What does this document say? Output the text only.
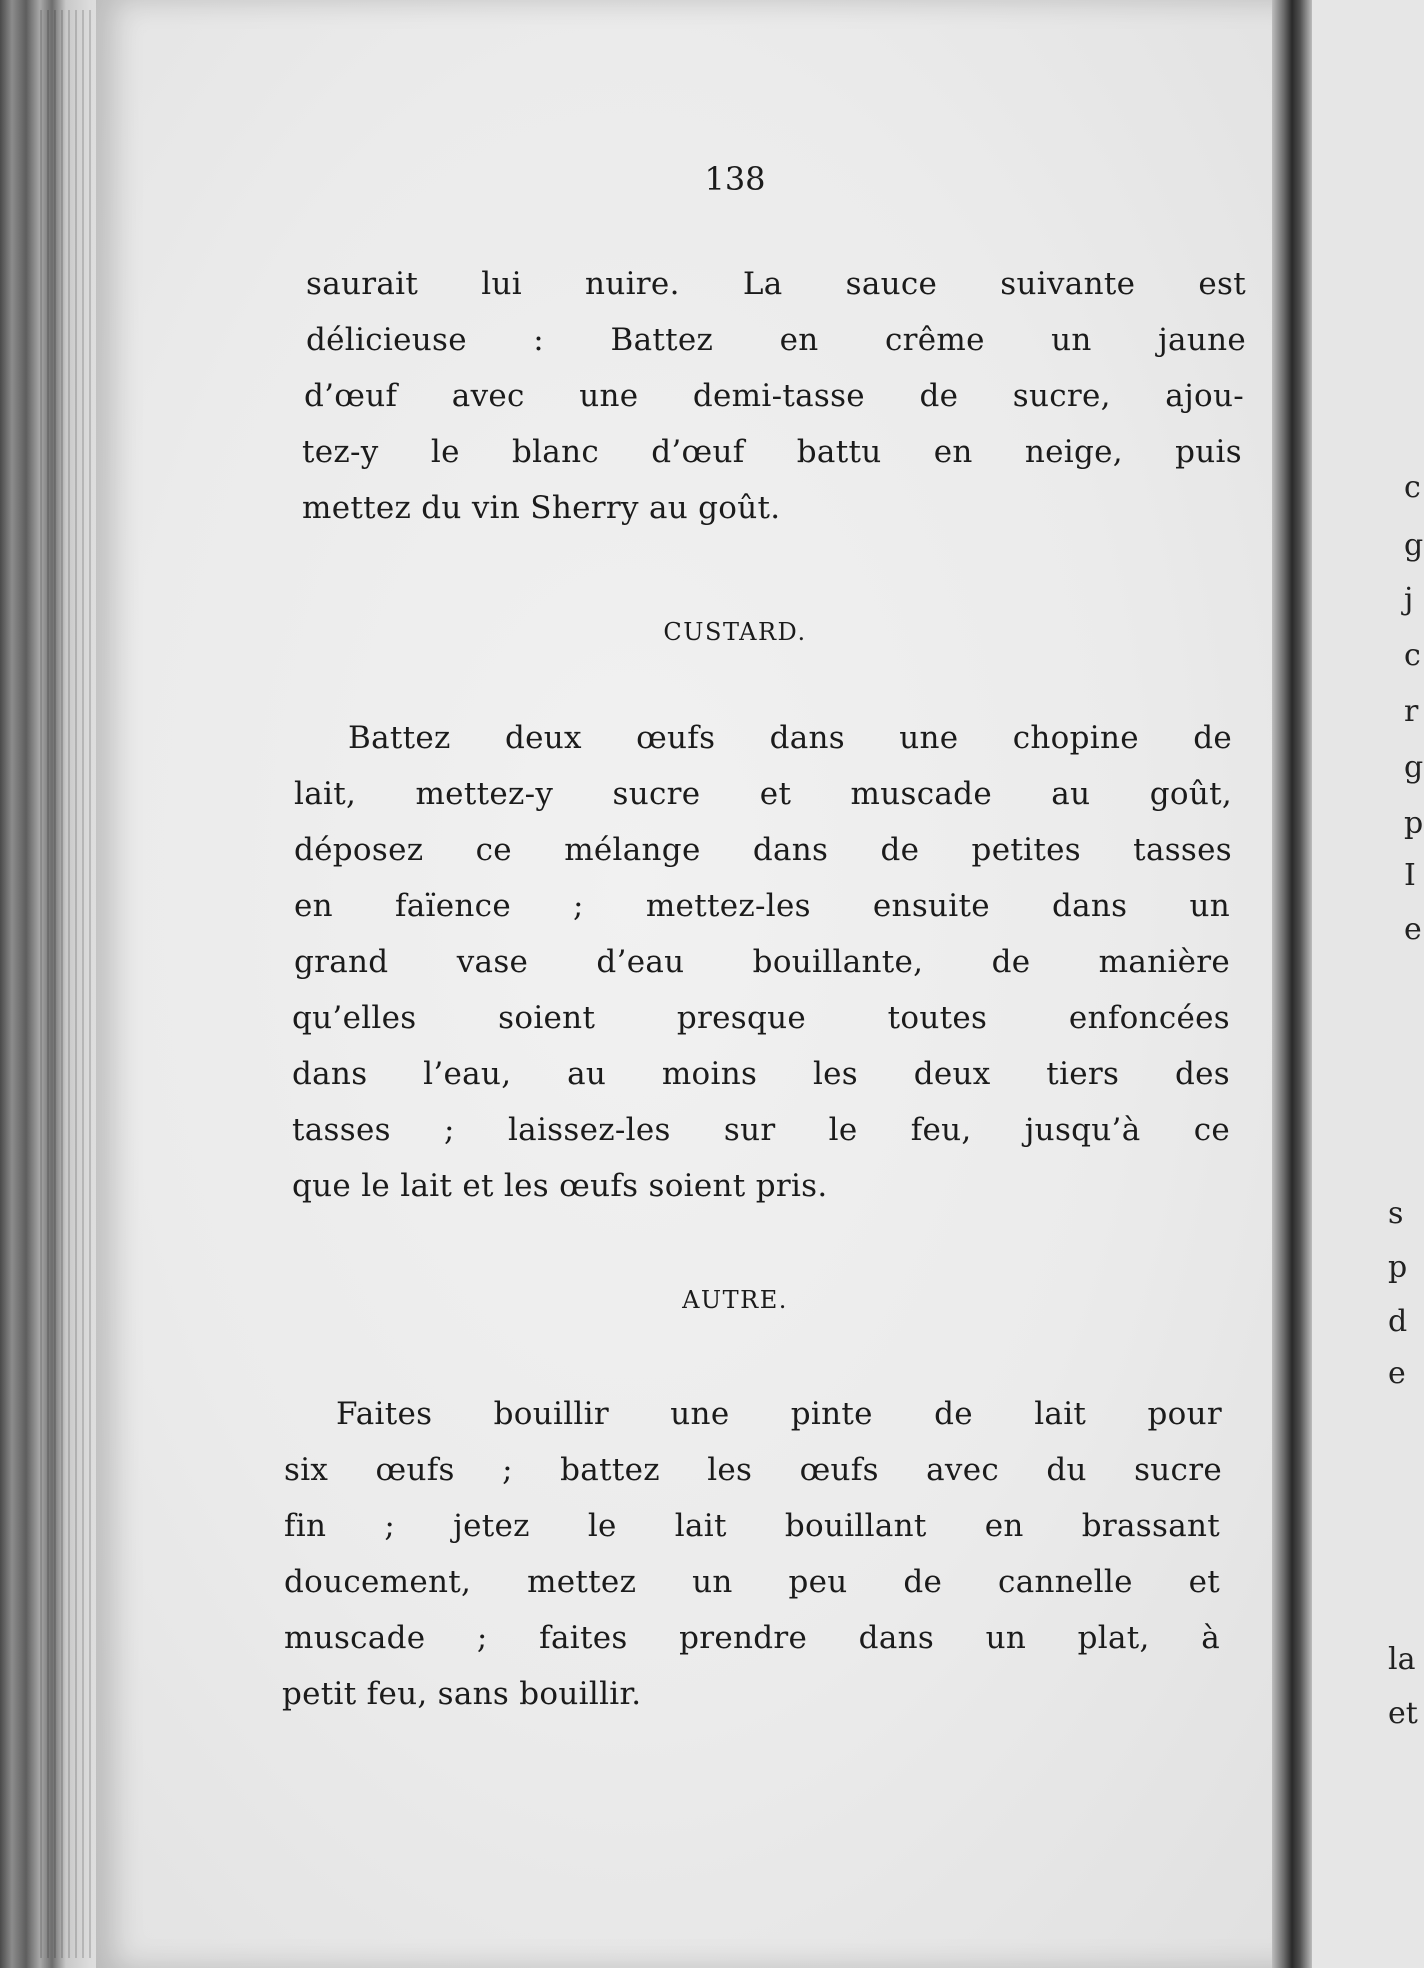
138
saurait lui nuire. La sauce suivante est
délicieuse : Battez en crême un jaune
d’œuf avec une demi-tasse de sucre, ajou-
tez-y le blanc d’œuf battu en neige, puis
mettez du vin Sherry au goût.
CUSTARD.
Battez deux œufs dans une chopine de
lait, mettez-y sucre et muscade au goût,
déposez ce mélange dans de petites tasses
en faïence ; mettez-les ensuite dans un
grand vase d’eau bouillante, de manière
qu’elles soient presque toutes enfoncées
dans l’eau, au moins les deux tiers des
tasses ; laissez-les sur le feu, jusqu’à ce
que le lait et les œufs soient pris.
AUTRE.
Faites bouillir une pinte de lait pour
six œufs ; battez les œufs avec du sucre
fin ; jetez le lait bouillant en brassant
doucement, mettez un peu de cannelle et
muscade ; faites prendre dans un plat, à
petit feu, sans bouillir.
c
g
j
c
r
g
p
I
e
s
p
d
e
la
et
